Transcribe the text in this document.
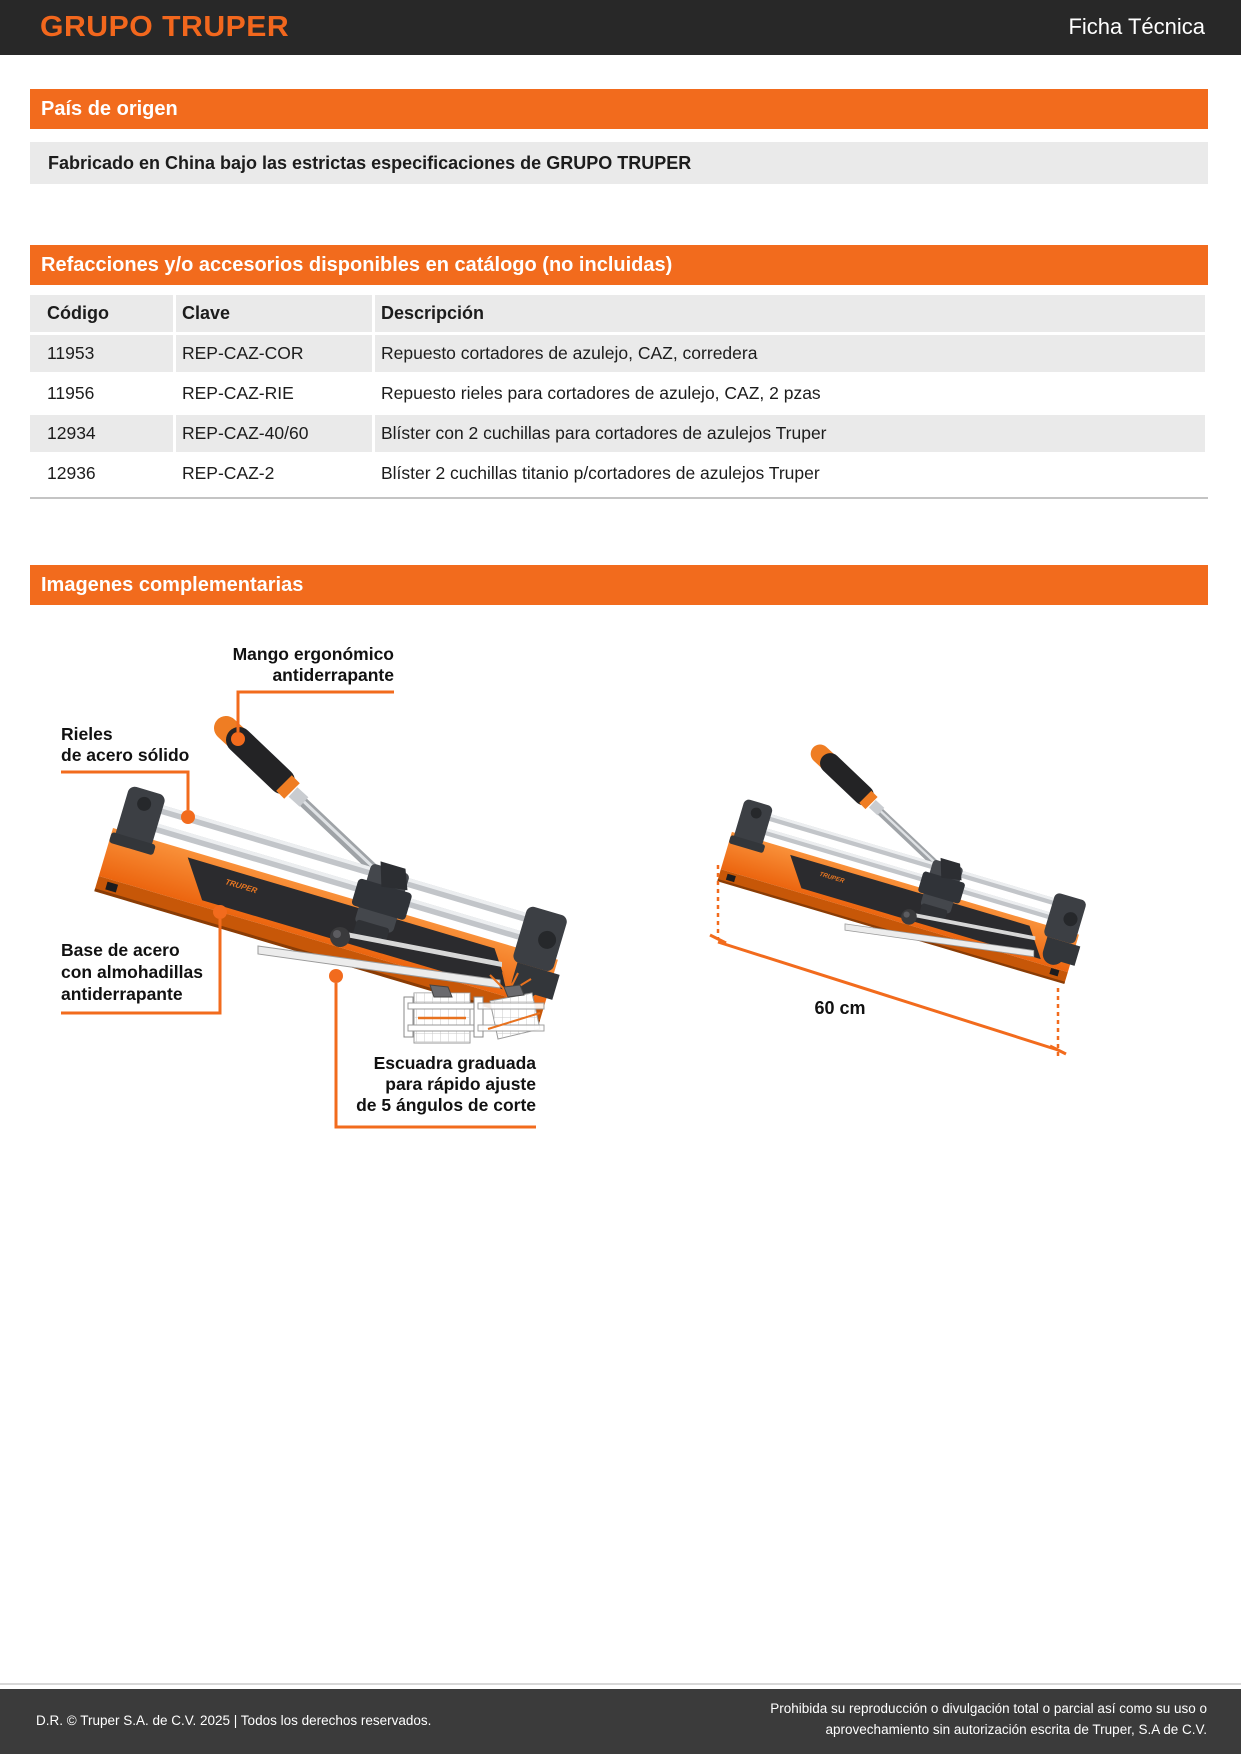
GRUPO TRUPER	Ficha Técnica
País de origen
Fabricado en China bajo las estrictas especificaciones de GRUPO TRUPER
Refacciones y/o accesorios disponibles en catálogo (no incluidas)
Código	Clave	Descripción
11953	REP-CAZ-COR	Repuesto cortadores de azulejo, CAZ, corredera
11956	REP-CAZ-RIE	Repuesto rieles para cortadores de azulejo, CAZ, 2 pzas
12934	REP-CAZ-40/60	Blíster con 2 cuchillas para cortadores de azulejos Truper
12936	REP-CAZ-2	Blíster 2 cuchillas titanio p/cortadores de azulejos Truper
Imagenes complementarias
Mango ergonómico
antiderrapante
Rieles
de acero sólido
Base de acero
con almohadillas
antiderrapante
Escuadra graduada
para rápido ajuste
de 5 ángulos de corte
60 cm
D.R. © Truper S.A. de C.V. 2025 | Todos los derechos reservados.
Prohibida su reproducción o divulgación total o parcial así como su uso o
aprovechamiento sin autorización escrita de Truper, S.A de C.V.
